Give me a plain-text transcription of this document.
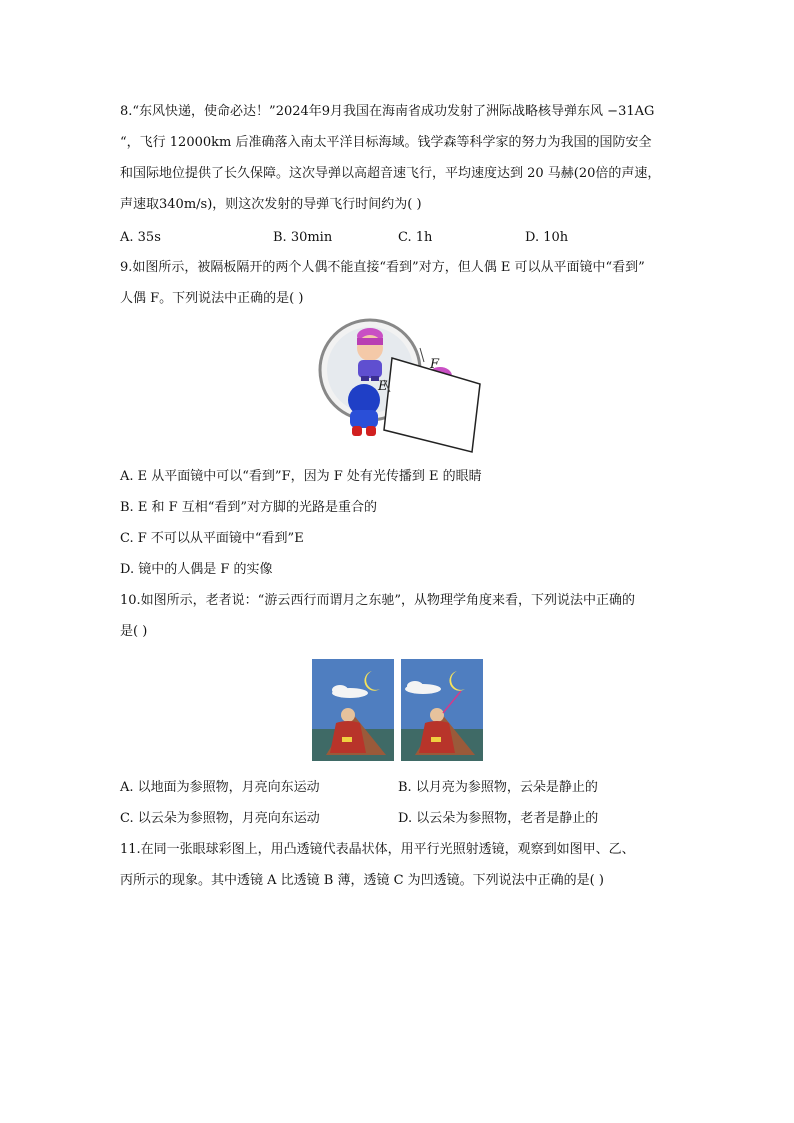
8.“东风快递，使命必达！”2024年9月我国在海南省成功发射了洲际战略核导弹东风 −31AG
“，飞行 12000km 后准确落入南太平洋目标海域。钱学森等科学家的努力为我国的国防安全
和国际地位提供了长久保障。这次导弹以高超音速飞行，平均速度达到 20 马赫(20倍的声速，
声速取340m/s)，则这次发射的导弹飞行时间约为( )
A. 35s	B. 30min	C. 1h	D. 10h
9.如图所示，被隔板隔开的两个人偶不能直接“看到”对方，但人偶 E 可以从平面镜中“看到”
人偶 F。下列说法中正确的是( )
F
E
A. E 从平面镜中可以“看到”F，因为 F 处有光传播到 E 的眼睛
B. E 和 F 互相“看到”对方脚的光路是重合的
C. F 不可以从平面镜中“看到”E
D. 镜中的人偶是 F 的实像
10.如图所示，老者说：“游云西行而谓月之东驰”，从物理学角度来看，下列说法中正确的
是( )
A. 以地面为参照物，月亮向东运动	B. 以月亮为参照物，云朵是静止的
C. 以云朵为参照物，月亮向东运动	D. 以云朵为参照物，老者是静止的
11.在同一张眼球彩图上，用凸透镜代表晶状体，用平行光照射透镜，观察到如图甲、乙、
丙所示的现象。其中透镜 A 比透镜 B 薄，透镜 C 为凹透镜。下列说法中正确的是( )
